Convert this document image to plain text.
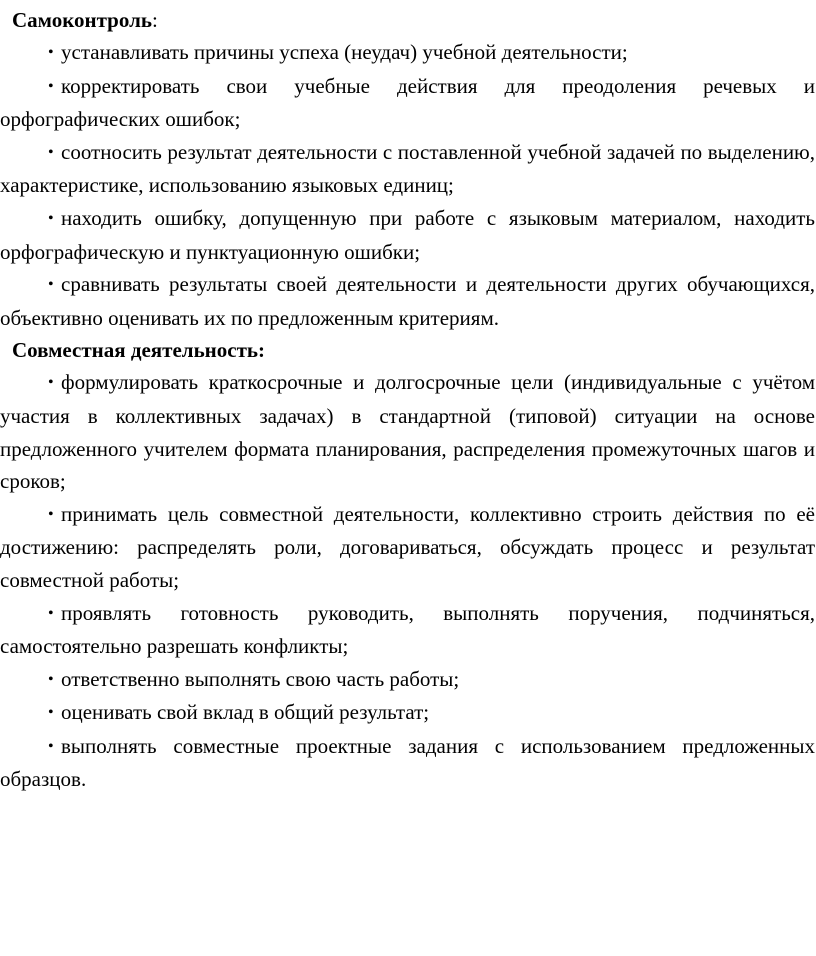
Самоконтроль:

• устанавливать причины успеха (неудач) учебной деятельности;
• корректировать свои учебные действия для преодоления речевых и орфографических ошибок;
• соотносить результат деятельности с поставленной учебной задачей по выделению, характеристике, использованию языковых единиц;
• находить ошибку, допущенную при работе с языковым материалом, находить орфографическую и пунктуационную ошибки;
• сравнивать результаты своей деятельности и деятельности других обучающихся, объективно оценивать их по предложенным критериям.

Совместная деятельность:

• формулировать краткосрочные и долгосрочные цели (индивидуальные с учётом участия в коллективных задачах) в стандартной (типовой) ситуации на основе предложенного учителем формата планирования, распределения промежуточных шагов и сроков;
• принимать цель совместной деятельности, коллективно строить действия по её достижению: распределять роли, договариваться, обсуждать процесс и результат совместной работы;
• проявлять готовность руководить, выполнять поручения, подчиняться, самостоятельно разрешать конфликты;
• ответственно выполнять свою часть работы;
• оценивать свой вклад в общий результат;
• выполнять совместные проектные задания с использованием предложенных образцов.
